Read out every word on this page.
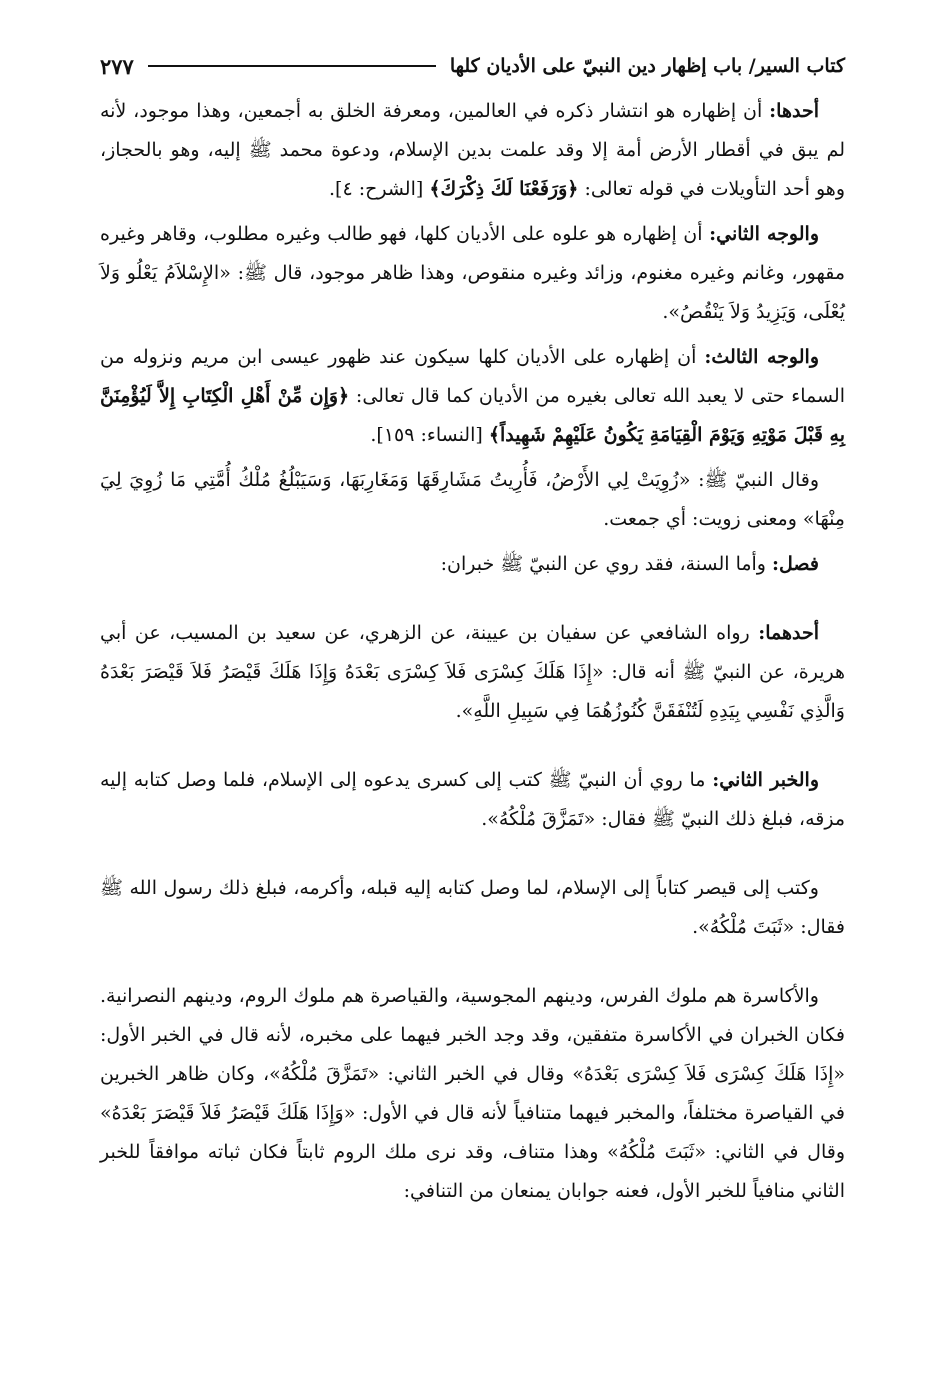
كتاب السير/ باب إظهار دين النبيّ على الأديان كلها
٢٧٧

أحدها: أن إظهاره هو انتشار ذكره في العالمين، ومعرفة الخلق به أجمعين، وهذا موجود، لأنه لم يبق في أقطار الأرض أمة إلا وقد علمت بدين الإسلام، ودعوة محمد ﷺ إليه، وهو بالحجاز، وهو أحد التأويلات في قوله تعالى: ﴿وَرَفَعْنَا لَكَ ذِكْرَكَ﴾ [الشرح: ٤].

والوجه الثاني: أن إظهاره هو علوه على الأديان كلها، فهو طالب وغيره مطلوب، وقاهر وغيره مقهور، وغانم وغيره مغنوم، وزائد وغيره منقوص، وهذا ظاهر موجود، قال ﷺ: «الإِسْلاَمُ يَعْلُو وَلاَ يُعْلَى، وَيَزِيدُ وَلاَ يَنْقُصُ».

والوجه الثالث: أن إظهاره على الأديان كلها سيكون عند ظهور عيسى ابن مريم ونزوله من السماء حتى لا يعبد الله تعالى بغيره من الأديان كما قال تعالى: ﴿وَإِن مِّنْ أَهْلِ الْكِتَابِ إِلاَّ لَيُؤْمِنَنَّ بِهِ قَبْلَ مَوْتِهِ وَيَوْمَ الْقِيَامَةِ يَكُونُ عَلَيْهِمْ شَهِيداً﴾ [النساء: ١٥٩].

وقال النبيّ ﷺ: «زُوِيَتْ لِي الأَرْضُ، فَأُرِيتُ مَشَارِقَهَا وَمَغَارِبَهَا، وَسَيَبْلُغُ مُلْكُ أُمَّتِي مَا زُوِيَ لِيَ مِنْهَا» ومعنى زويت: أي جمعت.

فصل: وأما السنة، فقد روي عن النبيّ ﷺ خبران:

أحدهما: رواه الشافعي عن سفيان بن عيينة، عن الزهري، عن سعيد بن المسيب، عن أبي هريرة، عن النبيّ ﷺ أنه قال: «إِذَا هَلَكَ كِسْرَى فَلاَ كِسْرَى بَعْدَهُ وَإِذَا هَلَكَ قَيْصَرُ فَلاَ قَيْصَرَ بَعْدَهُ وَالَّذِي نَفْسِي بِيَدِهِ لَتُنْفَقَنَّ كُنُوزُهُمَا فِي سَبِيلِ اللَّهِ».

والخبر الثاني: ما روي أن النبيّ ﷺ كتب إلى كسرى يدعوه إلى الإسلام، فلما وصل كتابه إليه مزقه، فبلغ ذلك النبيّ ﷺ فقال: «تَمَزَّقَ مُلْكُهُ».

وكتب إلى قيصر كتاباً إلى الإسلام، لما وصل كتابه إليه قبله، وأكرمه، فبلغ ذلك رسول الله ﷺ فقال: «ثَبَتَ مُلْكُهُ».

والأكاسرة هم ملوك الفرس، ودينهم المجوسية، والقياصرة هم ملوك الروم، ودينهم النصرانية. فكان الخبران في الأكاسرة متفقين، وقد وجد الخبر فيهما على مخبره، لأنه قال في الخبر الأول: «إِذَا هَلَكَ كِسْرَى فَلاَ كِسْرَى بَعْدَهُ» وقال في الخبر الثاني: «تَمَزَّقَ مُلْكُهُ»، وكان ظاهر الخبرين في القياصرة مختلفاً، والمخبر فيهما متنافياً لأنه قال في الأول: «وَإِذَا هَلَكَ قَيْصَرُ فَلاَ قَيْصَرَ بَعْدَهُ» وقال في الثاني: «ثَبَتَ مُلْكُهُ» وهذا متناف، وقد نرى ملك الروم ثابتاً فكان ثباته موافقاً للخبر الثاني منافياً للخبر الأول، فعنه جوابان يمنعان من التنافي:
